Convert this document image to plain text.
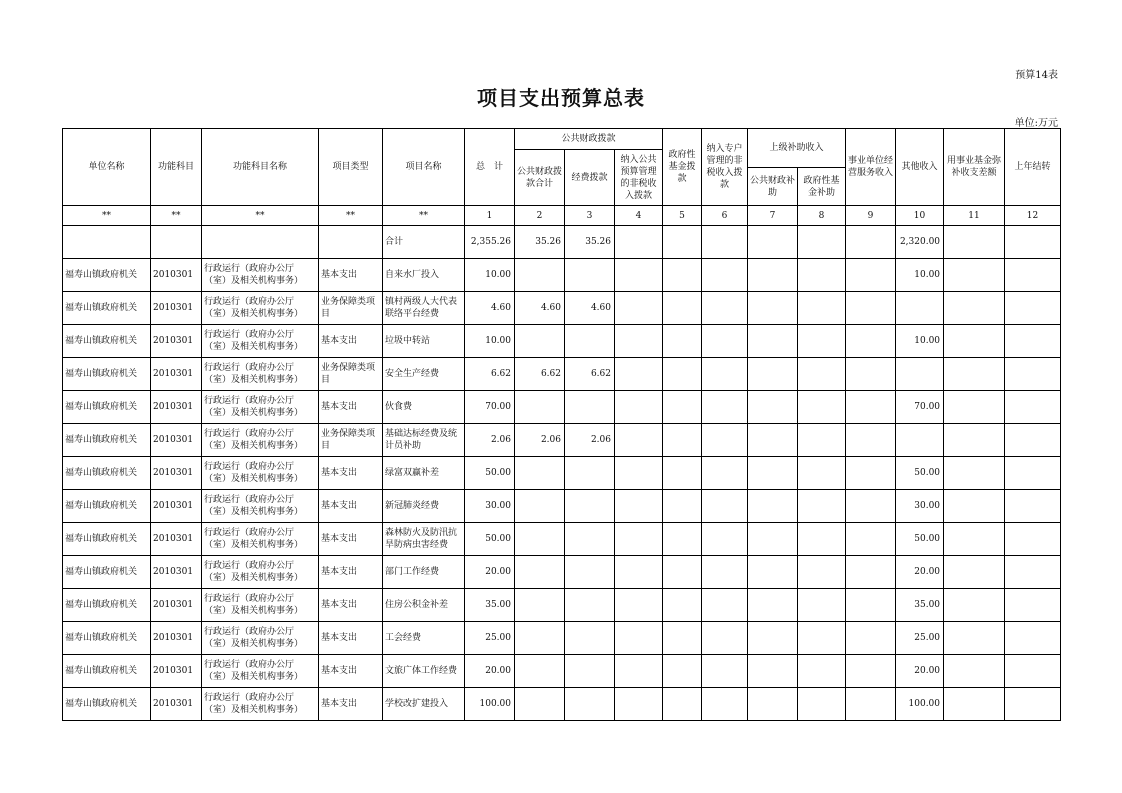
预算14表
项目支出预算总表
单位:万元
单位名称	功能科目	功能科目名称	项目类型	项目名称	总　计	公共财政拨款			政府性基金拨款	纳入专户管理的非税收入拨款	上级补助收入		事业单位经营服务收入	其他收入	用事业基金弥补收支差额	上年结转
						公共财政拨款合计	经费拨款	纳入公共预算管理的非税收入拨款								
											公共财政补助	政府性基金补助				
**	**	**	**	**	1	2	3	4	5	6	7	8	9	10	11	12
				合计	2,355.26	35.26	35.26							2,320.00		
福寿山镇政府机关	2010301	行政运行（政府办公厅（室）及相关机构事务）	基本支出	自来水厂投入	10.00									10.00		
福寿山镇政府机关	2010301	行政运行（政府办公厅（室）及相关机构事务）	业务保障类项目	镇村两级人大代表联络平台经费	4.60	4.60	4.60									
福寿山镇政府机关	2010301	行政运行（政府办公厅（室）及相关机构事务）	基本支出	垃圾中转站	10.00									10.00		
福寿山镇政府机关	2010301	行政运行（政府办公厅（室）及相关机构事务）	业务保障类项目	安全生产经费	6.62	6.62	6.62									
福寿山镇政府机关	2010301	行政运行（政府办公厅（室）及相关机构事务）	基本支出	伙食费	70.00									70.00		
福寿山镇政府机关	2010301	行政运行（政府办公厅（室）及相关机构事务）	业务保障类项目	基础达标经费及统计员补助	2.06	2.06	2.06									
福寿山镇政府机关	2010301	行政运行（政府办公厅（室）及相关机构事务）	基本支出	绿富双赢补差	50.00									50.00		
福寿山镇政府机关	2010301	行政运行（政府办公厅（室）及相关机构事务）	基本支出	新冠肺炎经费	30.00									30.00		
福寿山镇政府机关	2010301	行政运行（政府办公厅（室）及相关机构事务）	基本支出	森林防火及防汛抗旱防病虫害经费	50.00									50.00		
福寿山镇政府机关	2010301	行政运行（政府办公厅（室）及相关机构事务）	基本支出	部门工作经费	20.00									20.00		
福寿山镇政府机关	2010301	行政运行（政府办公厅（室）及相关机构事务）	基本支出	住房公积金补差	35.00									35.00		
福寿山镇政府机关	2010301	行政运行（政府办公厅（室）及相关机构事务）	基本支出	工会经费	25.00									25.00		
福寿山镇政府机关	2010301	行政运行（政府办公厅（室）及相关机构事务）	基本支出	文旅广体工作经费	20.00									20.00		
福寿山镇政府机关	2010301	行政运行（政府办公厅（室）及相关机构事务）	基本支出	学校改扩建投入	100.00									100.00		
